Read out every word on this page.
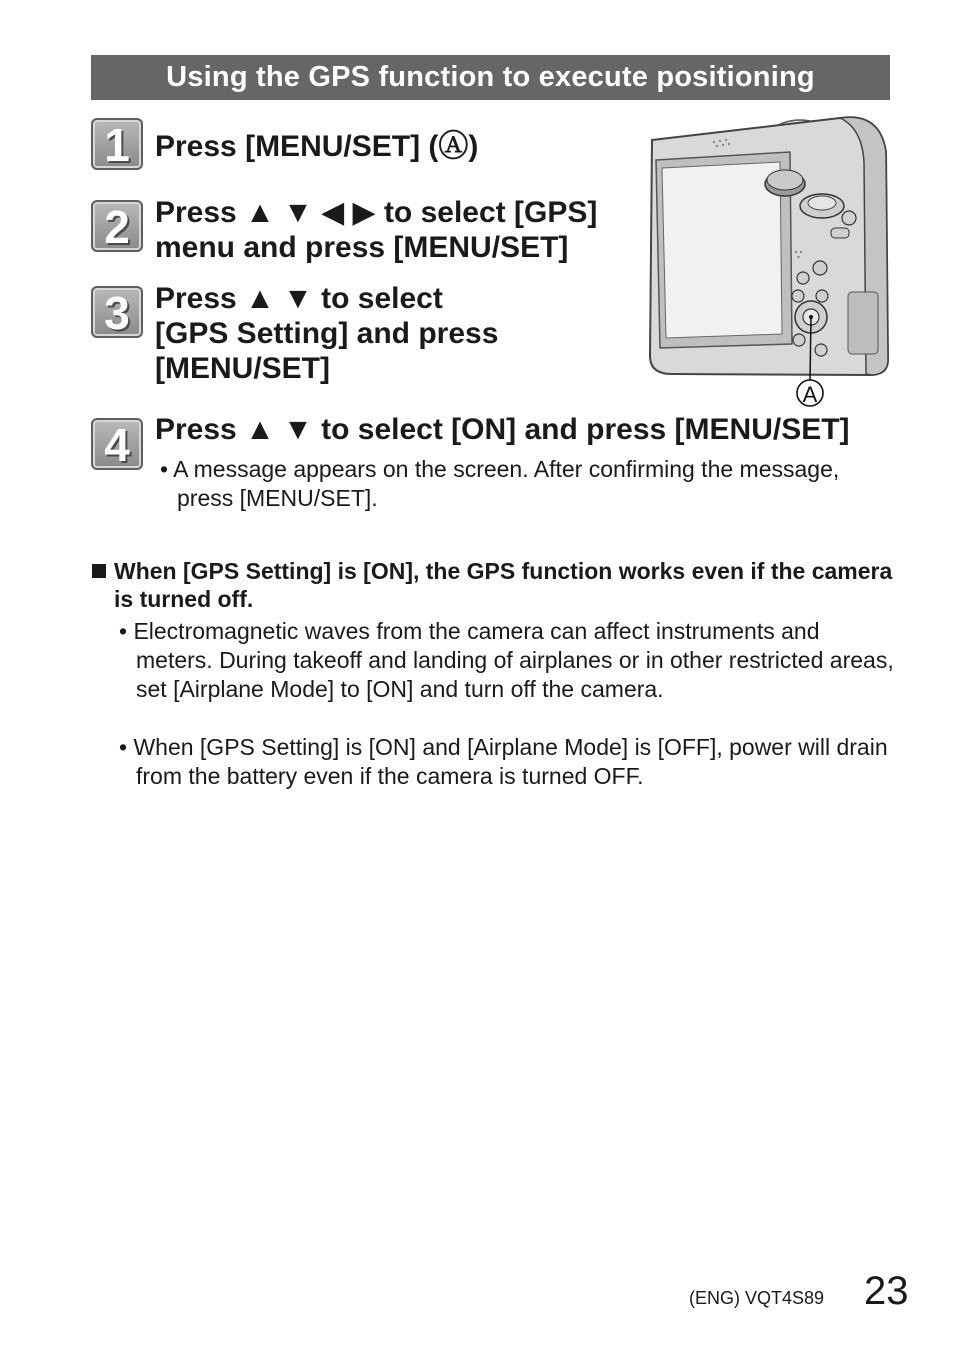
Using the GPS function to execute positioning
1 Press [MENU/SET] (Ⓐ)
2 Press ▲ ▼ ◀ ▶ to select [GPS]
menu and press [MENU/SET]
3 Press ▲ ▼ to select
[GPS Setting] and press
[MENU/SET]
4 Press ▲ ▼ to select [ON] and press [MENU/SET]
• A message appears on the screen. After confirming the message, press [MENU/SET].
A
When [GPS Setting] is [ON], the GPS function works even if the camera is turned off.
• Electromagnetic waves from the camera can affect instruments and meters. During takeoff and landing of airplanes or in other restricted areas, set [Airplane Mode] to [ON] and turn off the camera.
• When [GPS Setting] is [ON] and [Airplane Mode] is [OFF], power will drain from the battery even if the camera is turned OFF.
(ENG) VQT4S89 23
